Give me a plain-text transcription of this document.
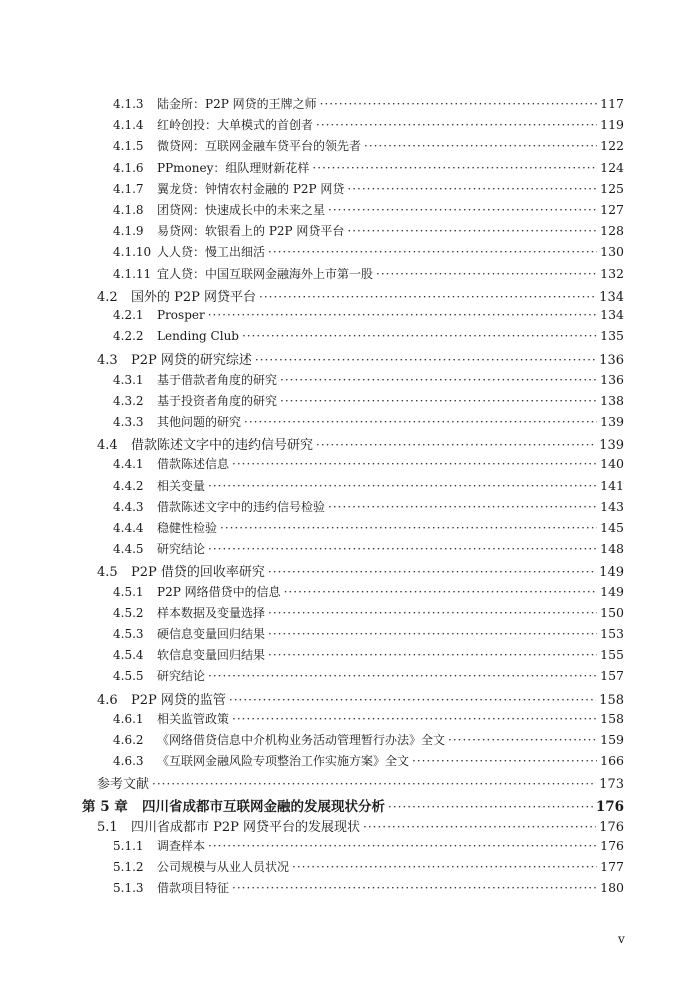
4.1.3	陆金所：P2P 网贷的王牌之师 ·····	117
4.1.4	红岭创投：大单模式的首创者 ·····	119
4.1.5	微贷网：互联网金融车贷平台的领先者 ·····	122
4.1.6	PPmoney：组队理财新花样 ·····	124
4.1.7	翼龙贷：钟情农村金融的 P2P 网贷 ·····	125
4.1.8	团贷网：快速成长中的未来之星 ·····	127
4.1.9	易贷网：软银看上的 P2P 网贷平台 ·····	128
4.1.10 人人贷：慢工出细活 ·····	130
4.1.11 宜人贷：中国互联网金融海外上市第一股 ·····	132
4.2	国外的 P2P 网贷平台 ·····	134
4.2.1	Prosper ·····	134
4.2.2	Lending Club ·····	135
4.3	P2P 网贷的研究综述 ·····	136
4.3.1	基于借款者角度的研究 ·····	136
4.3.2	基于投资者角度的研究 ·····	138
4.3.3	其他问题的研究 ·····	139
4.4	借款陈述文字中的违约信号研究 ·····	139
4.4.1	借款陈述信息 ·····	140
4.4.2	相关变量 ·····	141
4.4.3	借款陈述文字中的违约信号检验 ·····	143
4.4.4	稳健性检验 ·····	145
4.4.5	研究结论 ·····	148
4.5	P2P 借贷的回收率研究 ·····	149
4.5.1	P2P 网络借贷中的信息 ·····	149
4.5.2	样本数据及变量选择 ·····	150
4.5.3	硬信息变量回归结果 ·····	153
4.5.4	软信息变量回归结果 ·····	155
4.5.5	研究结论 ·····	157
4.6	P2P 网贷的监管 ·····	158
4.6.1	相关监管政策 ·····	158
4.6.2	《网络借贷信息中介机构业务活动管理暂行办法》全文 ·····	159
4.6.3	《互联网金融风险专项整治工作实施方案》全文 ·····	166
参考文献 ·····	173
第 5 章	四川省成都市互联网金融的发展现状分析 ·····	176
5.1	四川省成都市 P2P 网贷平台的发展现状 ·····	176
5.1.1	调查样本 ·····	176
5.1.2	公司规模与从业人员状况 ·····	177
5.1.3	借款项目特征 ·····	180
v
